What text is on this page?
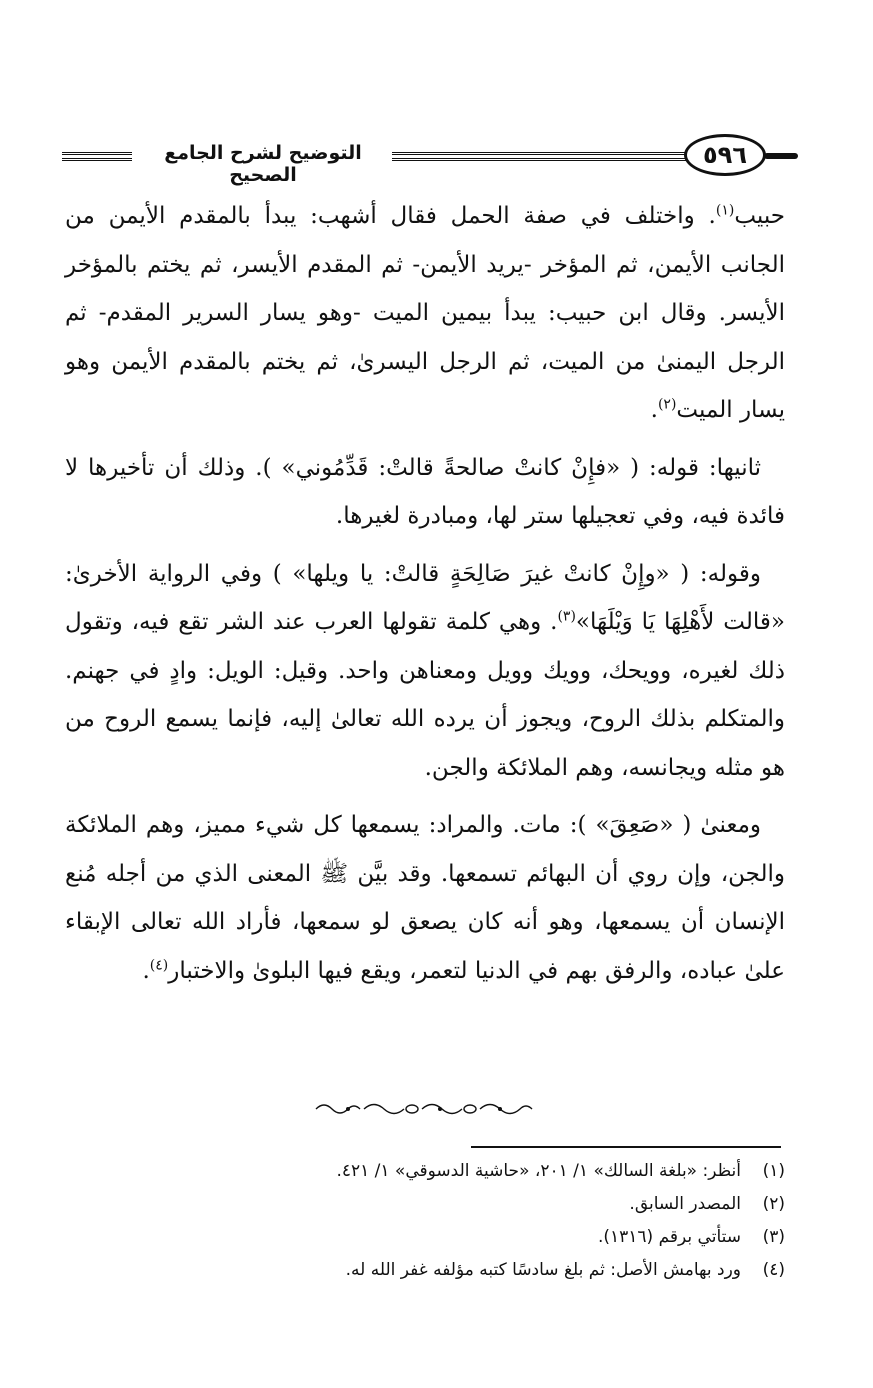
التوضيح لشرح الجامع الصحيح
٥٩٦

حبيب$^{(١)}$. واختلف في صفة الحمل فقال أشهب: يبدأ بالمقدم الأيمن من الجانب الأيمن، ثم المؤخر -يريد الأيمن- ثم المقدم الأيسر، ثم يختم بالمؤخر الأيسر. وقال ابن حبيب: يبدأ بيمين الميت -وهو يسار السرير المقدم- ثم الرجل اليمنىٰ من الميت، ثم الرجل اليسرىٰ، ثم يختم بالمقدم الأيمن وهو يسار الميت$^{(٢)}$.

ثانيها: قوله: ( «فإِنْ كانتْ صالحةً قالتْ: قَدِّمُوني» ). وذلك أن تأخيرها لا فائدة فيه، وفي تعجيلها ستر لها، ومبادرة لغيرها.

وقوله: ( «وإِنْ كانتْ غيرَ صَالِحَةٍ قالتْ: يا ويلها» ) وفي الرواية الأخرىٰ: «قالت لأَهْلِهَا يَا وَيْلَهَا»$^{(٣)}$. وهي كلمة تقولها العرب عند الشر تقع فيه، وتقول ذلك لغيره، وويحك، وويك وويل ومعناهن واحد. وقيل: الويل: وادٍ في جهنم. والمتكلم بذلك الروح، ويجوز أن يرده الله تعالىٰ إليه، فإنما يسمع الروح من هو مثله ويجانسه، وهم الملائكة والجن.

ومعنىٰ ( «صَعِقَ» ): مات. والمراد: يسمعها كل شيء مميز، وهم الملائكة والجن، وإن روي أن البهائم تسمعها. وقد بيَّن ﷺ المعنى الذي من أجله مُنع الإنسان أن يسمعها، وهو أنه كان يصعق لو سمعها، فأراد الله تعالى الإبقاء علىٰ عباده، والرفق بهم في الدنيا لتعمر، ويقع فيها البلوىٰ والاختبار$^{(٤)}$.

(١)
أنظر: «بلغة السالك» ١/ ٢٠١، «حاشية الدسوقي» ١/ ٤٢١.
(٢)
المصدر السابق.
(٣)
ستأتي برقم (١٣١٦).
(٤)
ورد بهامش الأصل: ثم بلغ سادسًا كتبه مؤلفه غفر الله له.
